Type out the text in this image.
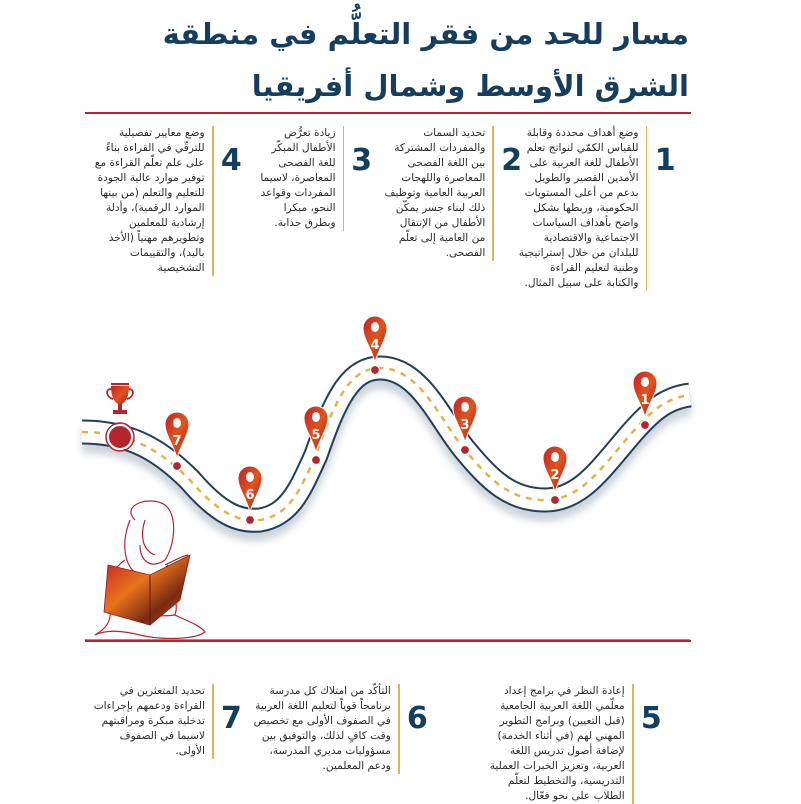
مسار للحد من فقر التعلُّم في منطقة الشرق الأوسط وشمال أفريقيا
1
وضع أهداف محددة وقابلة للقياس الكمّي لنواتج تعلم الأطفال للغة العربية على الأمدين القصير والطويل بدعم من أعلى المستويات الحكومية، وربطها بشكل واضح بأهداف السياسات الاجتماعية والاقتصادية للبلدان من خلال إستراتيجية وطنية لتعليم القراءة والكتابة على سبيل المثال.
2
تحديد السمات والمفردات المشتركة بين اللغة الفصحى المعاصرة واللهجات العربية العامية وتوظيف ذلك لبناء جسر يمكّن الأطفال من الإنتقال من العامية إلى تعلّم الفصحى.
3
زيادة تعرُّض الأطفال المبكّر للغة الفصحى المعاصرة، لاسيما المفردات وقواعد النحو، مبكرا وبطرق جذابة.
4
وضع معايير تفصيلية للترقّي في القراءة بناءً على علم تعلّم القراءة مع توفير موارد عالية الجودة للتعليم والتعلم (من بينها الموارد الرقمية)، وأدلة إرشادية للمعلمين وتطويرهم مهنياً (الأخذ باليد)، والتقييمات التشخيصية
1
2
3
4
5
6
7
5
إعادة النظر في برامج إعداد معلّمي اللغة العربية الجامعية (قبل التعيين) وبرامج التطوير المهني لهم (في أثناء الخدمة) لإضافة أصول تدريس اللغة العربية، وتعزيز الخبرات العملية التدريسية، والتخطيط لتعلّم الطلاب على نحو فعّال.
6
التأكّد من امتلاك كل مدرسة برنامجاً قوياً لتعليم اللغة العربية في الصفوف الأولى مع تخصيص وقت كافٍ لذلك، والتوفيق بين مسؤوليات مديري المدرسة، ودعم المعلمين.
7
تحديد المتعثرين في القراءة ودعمهم بإجراءات تدخلية مبكرة ومراقبتهم لاسيما في الصفوف الأولى.
